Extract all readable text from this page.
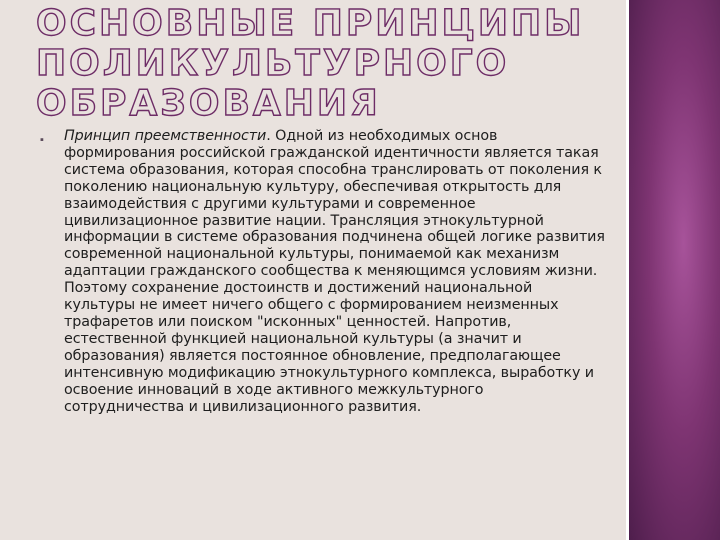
ОСНОВНЫЕ ПРИНЦИПЫ
ПОЛИКУЛЬТУРНОГО
ОБРАЗОВАНИЯ
▪ Принцип преемственности. Одной из необходимых основ формирования российской гражданской идентичности является такая система образования, которая способна транслировать от поколения к поколению национальную культуру, обеспечивая открытость для взаимодействия с другими культурами и современное цивилизационное развитие нации. Трансляция этнокультурной информации в системе образования подчинена общей логике развития современной национальной культуры, понимаемой как механизм адаптации гражданского сообщества к меняющимся условиям жизни. Поэтому сохранение достоинств и достижений национальной культуры не имеет ничего общего с формированием неизменных трафаретов или поиском "исконных" ценностей. Напротив, естественной функцией национальной культуры (а значит и образования) является постоянное обновление, предполагающее интенсивную модификацию этнокультурного комплекса, выработку и освоение инноваций в ходе активного межкультурного сотрудничества и цивилизационного развития.
